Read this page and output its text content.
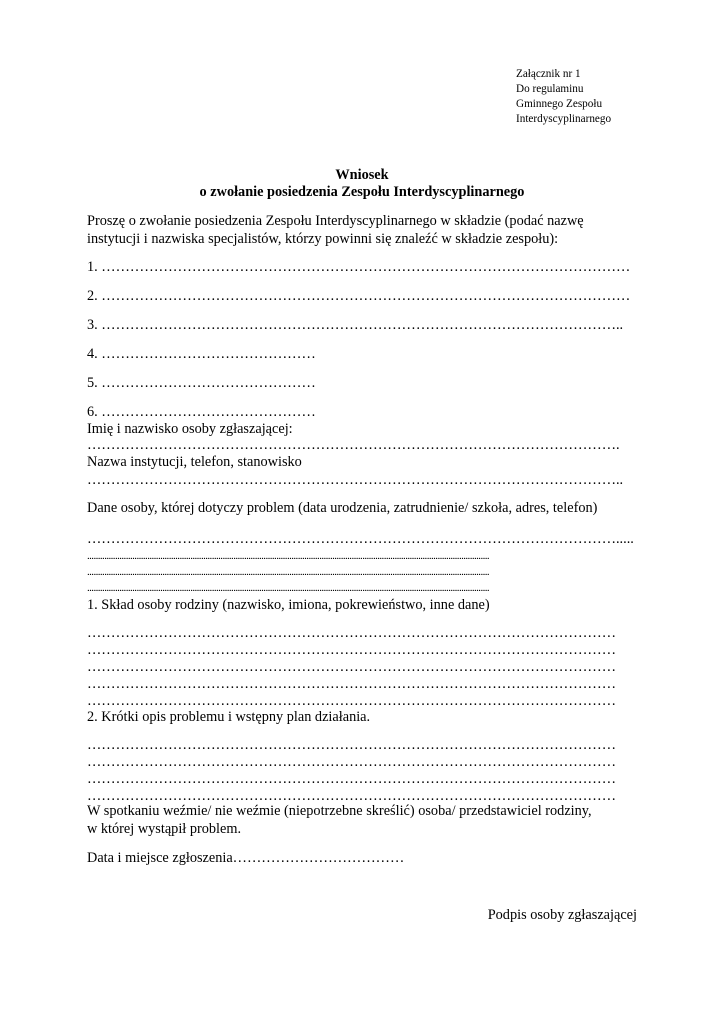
Załącznik nr 1
Do regulaminu
Gminnego Zespołu
Interdyscyplinarnego
Wniosek
o zwołanie posiedzenia Zespołu Interdyscyplinarnego
Proszę o zwołanie posiedzenia Zespołu Interdyscyplinarnego w składzie (podać nazwę
instytucji i nazwiska specjalistów, którzy powinni się znaleźć w składzie zespołu):
1. …………………………………………………………………………………………………
2. …………………………………………………………………………………………………
3. ………………………………………………………………………………………………..
4. ………………………………………
5. ………………………………………
6. ………………………………………
Imię i nazwisko osoby zgłaszającej:
………………………………………………………………………………………………….
Nazwa instytucji, telefon, stanowisko
…………………………………………………………………………………………………..
Dane osoby, której dotyczy problem (data urodzenia, zatrudnienie/ szkoła, adres, telefon)
………………………………………………………………………………………………….....
...........................................................................................................................................................................................
...........................................................................................................................................................................................
...........................................................................................................................................................................................
1. Skład osoby rodziny (nazwisko, imiona, pokrewieństwo, inne dane)
…………………………………………………………………………………………………
…………………………………………………………………………………………………
…………………………………………………………………………………………………
…………………………………………………………………………………………………
…………………………………………………………………………………………………
2. Krótki opis problemu i wstępny plan działania.
…………………………………………………………………………………………………
…………………………………………………………………………………………………
…………………………………………………………………………………………………
…………………………………………………………………………………………………
W spotkaniu weźmie/ nie weźmie (niepotrzebne skreślić) osoba/ przedstawiciel rodziny,
w której wystąpił problem.
Data i miejsce zgłoszenia………………………………
Podpis osoby zgłaszającej
